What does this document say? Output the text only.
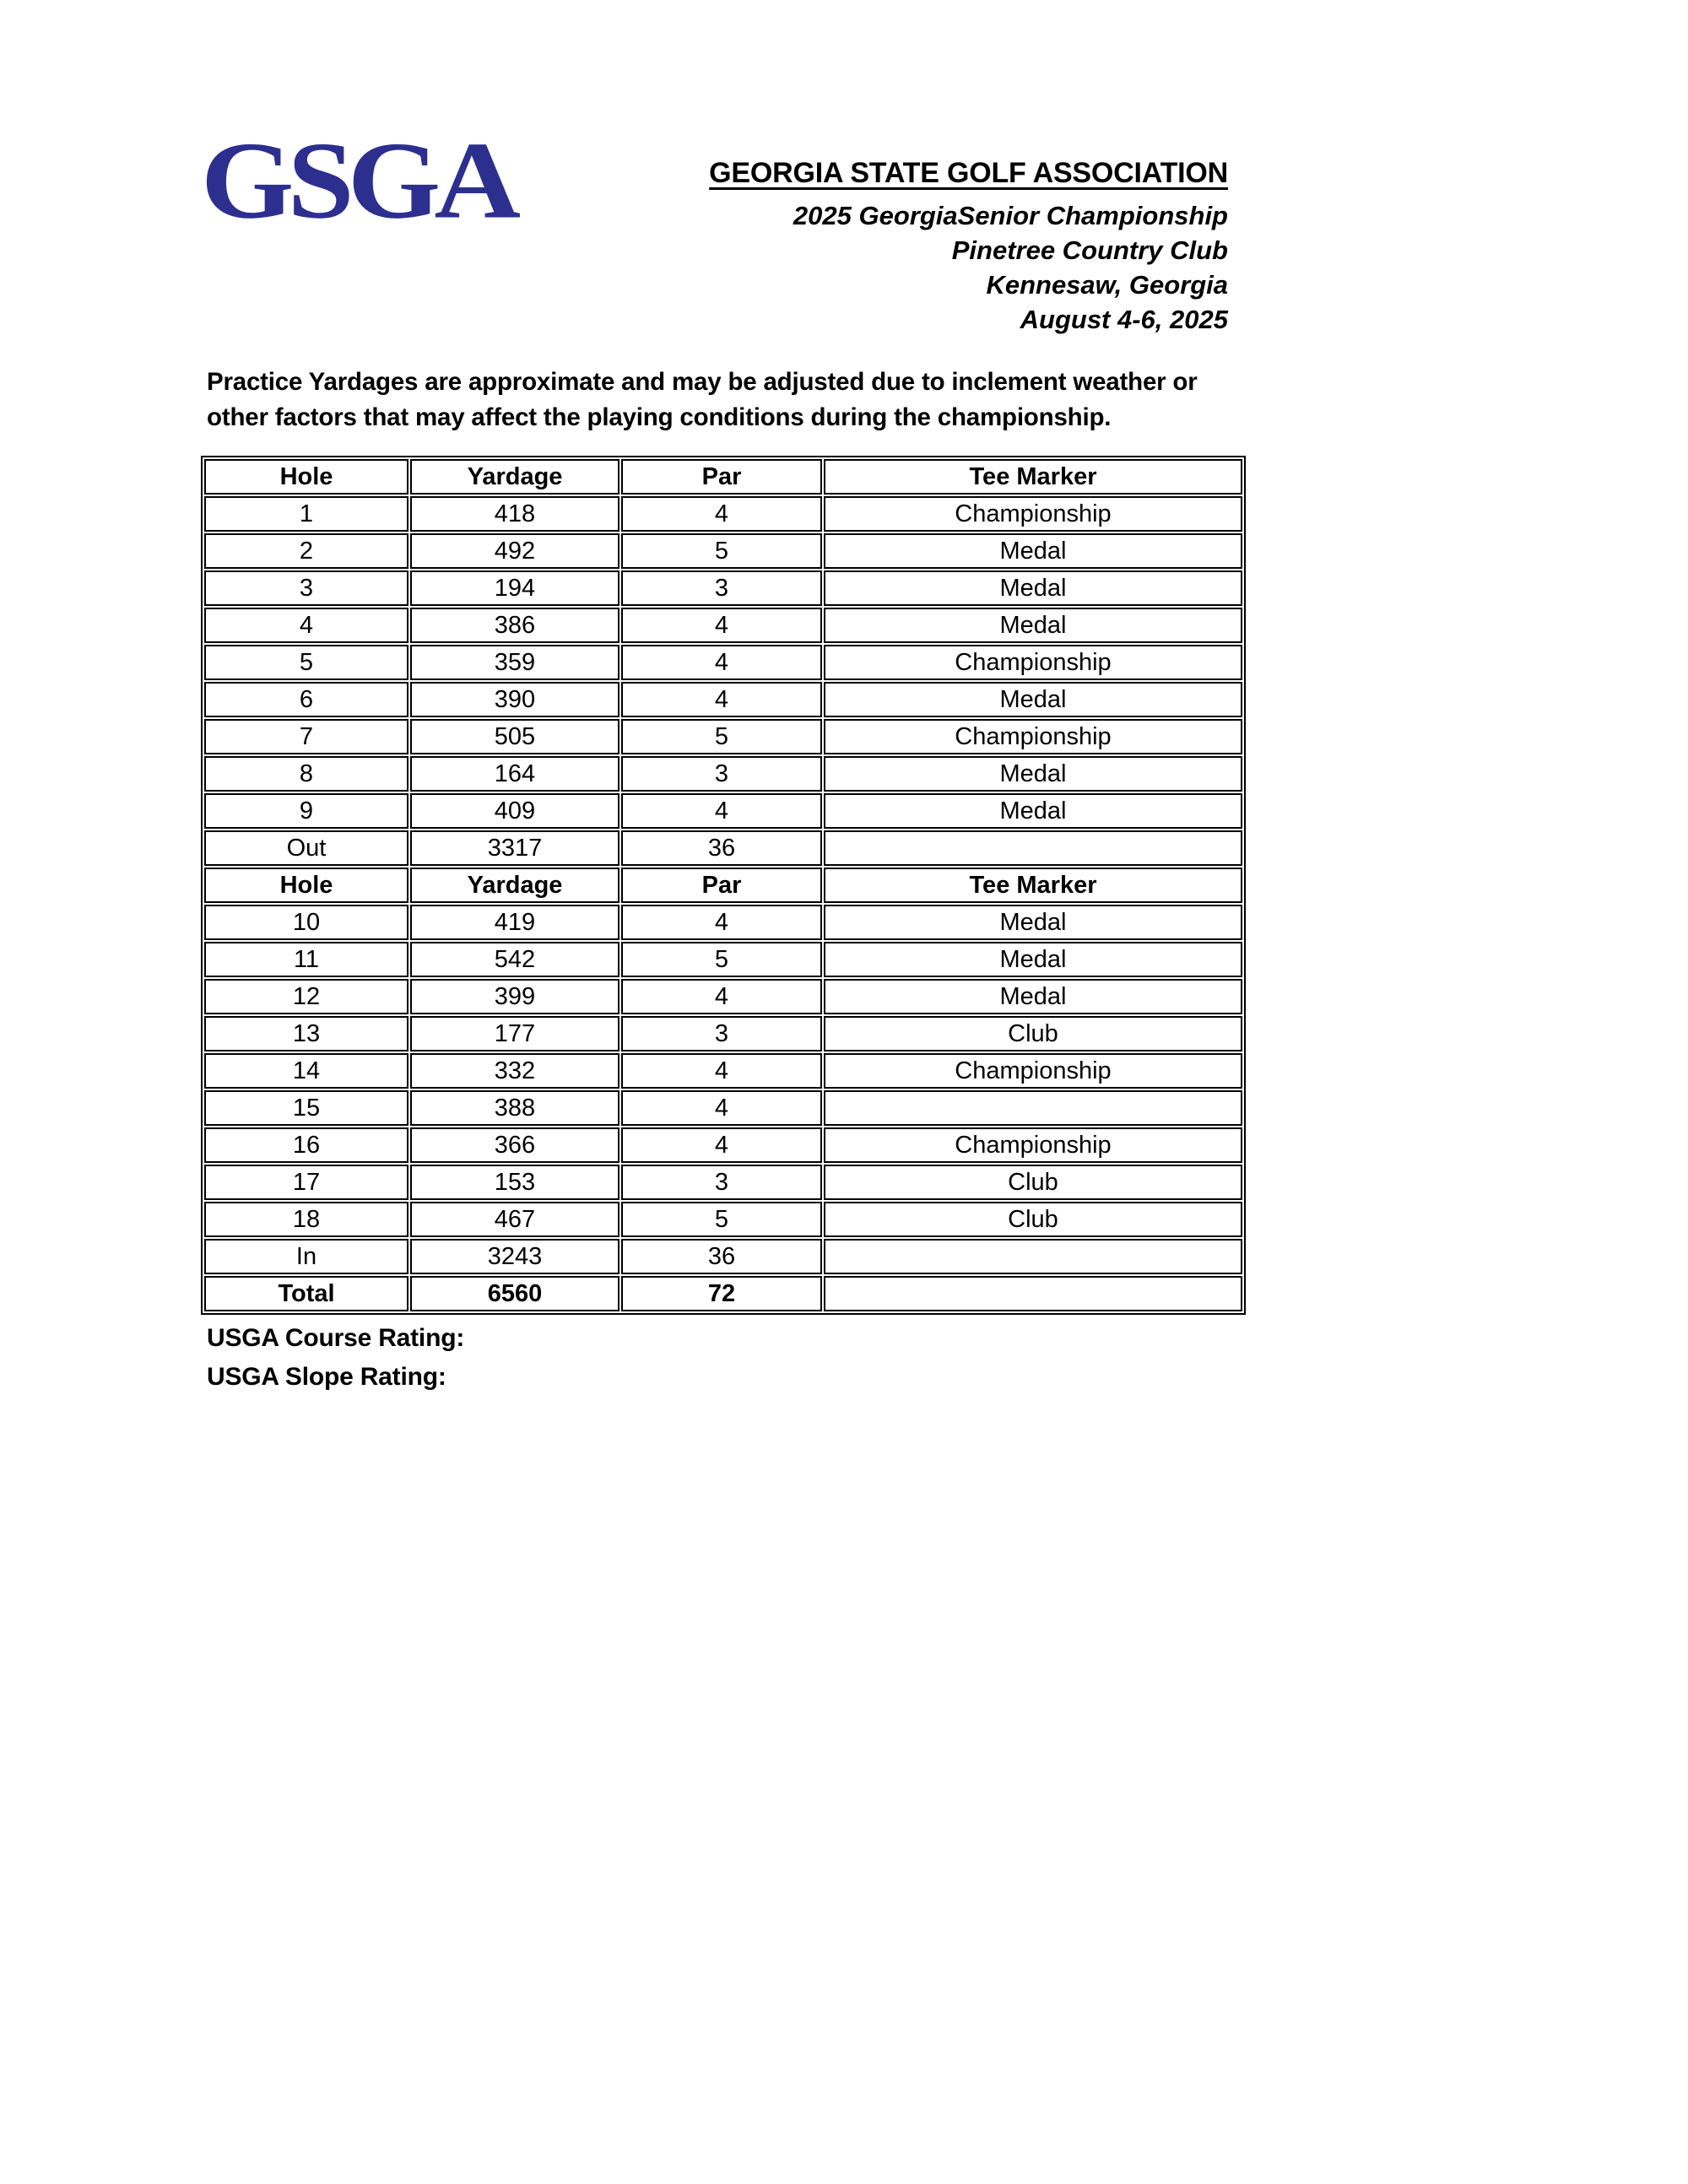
GSGA	GEORGIA STATE GOLF ASSOCIATION
2025 GeorgiaSenior Championship
Pinetree Country Club
Kennesaw, Georgia
August 4-6, 2025
Practice Yardages are approximate and may be adjusted due to inclement weather or
other factors that may affect the playing conditions during the championship.
Hole	Yardage	Par	Tee Marker
1	418	4	Championship
2	492	5	Medal
3	194	3	Medal
4	386	4	Medal
5	359	4	Championship
6	390	4	Medal
7	505	5	Championship
8	164	3	Medal
9	409	4	Medal
Out	3317	36	
Hole	Yardage	Par	Tee Marker
10	419	4	Medal
11	542	5	Medal
12	399	4	Medal
13	177	3	Club
14	332	4	Championship
15	388	4	
16	366	4	Championship
17	153	3	Club
18	467	5	Club
In	3243	36	
Total	6560	72	
USGA Course Rating:
USGA Slope Rating:
